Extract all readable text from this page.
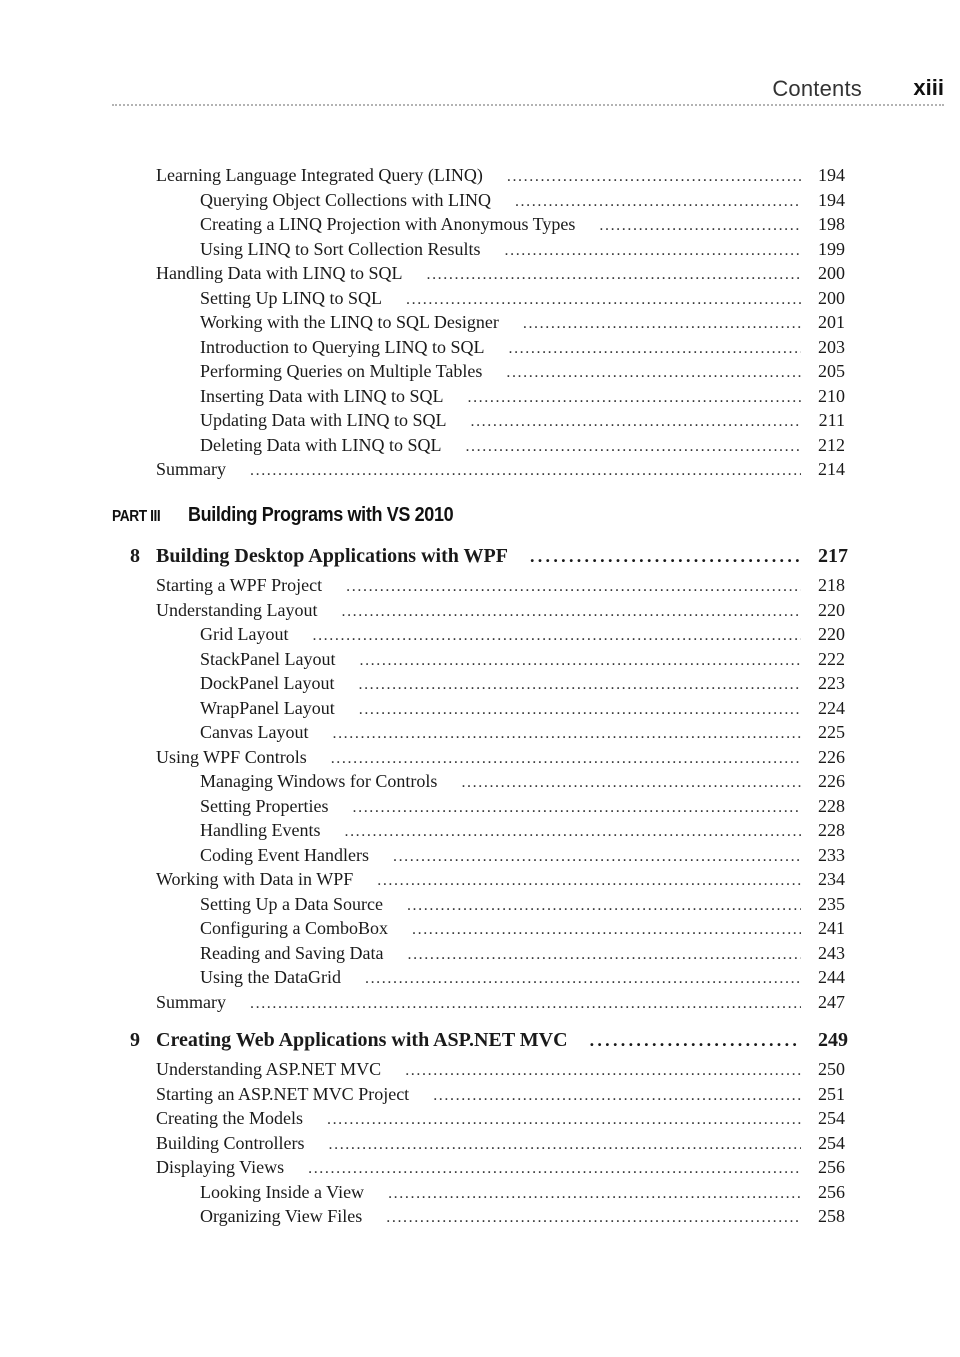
Contents xiii
PART III	Building Programs with VS 2010
Learning Language Integrated Query (LINQ) . . .	194
Querying Object Collections with LINQ . . .	194
Creating a LINQ Projection with Anonymous Types . . .	198
Using LINQ to Sort Collection Results . . .	199
Handling Data with LINQ to SQL . . .	200
Setting Up LINQ to SQL . . .	200
Working with the LINQ to SQL Designer . . .	201
Introduction to Querying LINQ to SQL . . .	203
Performing Queries on Multiple Tables . . .	205
Inserting Data with LINQ to SQL . . .	210
Updating Data with LINQ to SQL . . .	211
Deleting Data with LINQ to SQL . . .	212
Summary . . .	214
8 Building Desktop Applications with WPF . . .	217
Starting a WPF Project . . .	218
Understanding Layout . . .	220
Grid Layout . . .	220
StackPanel Layout . . .	222
DockPanel Layout . . .	223
WrapPanel Layout . . .	224
Canvas Layout . . .	225
Using WPF Controls . . .	226
Managing Windows for Controls . . .	226
Setting Properties . . .	228
Handling Events . . .	228
Coding Event Handlers . . .	233
Working with Data in WPF . . .	234
Setting Up a Data Source . . .	235
Configuring a ComboBox . . .	241
Reading and Saving Data . . .	243
Using the DataGrid . . .	244
Summary . . .	247
9 Creating Web Applications with ASP.NET MVC . . .	249
Understanding ASP.NET MVC . . .	250
Starting an ASP.NET MVC Project . . .	251
Creating the Models . . .	254
Building Controllers . . .	254
Displaying Views . . .	256
Looking Inside a View . . .	256
Organizing View Files . . .	258
